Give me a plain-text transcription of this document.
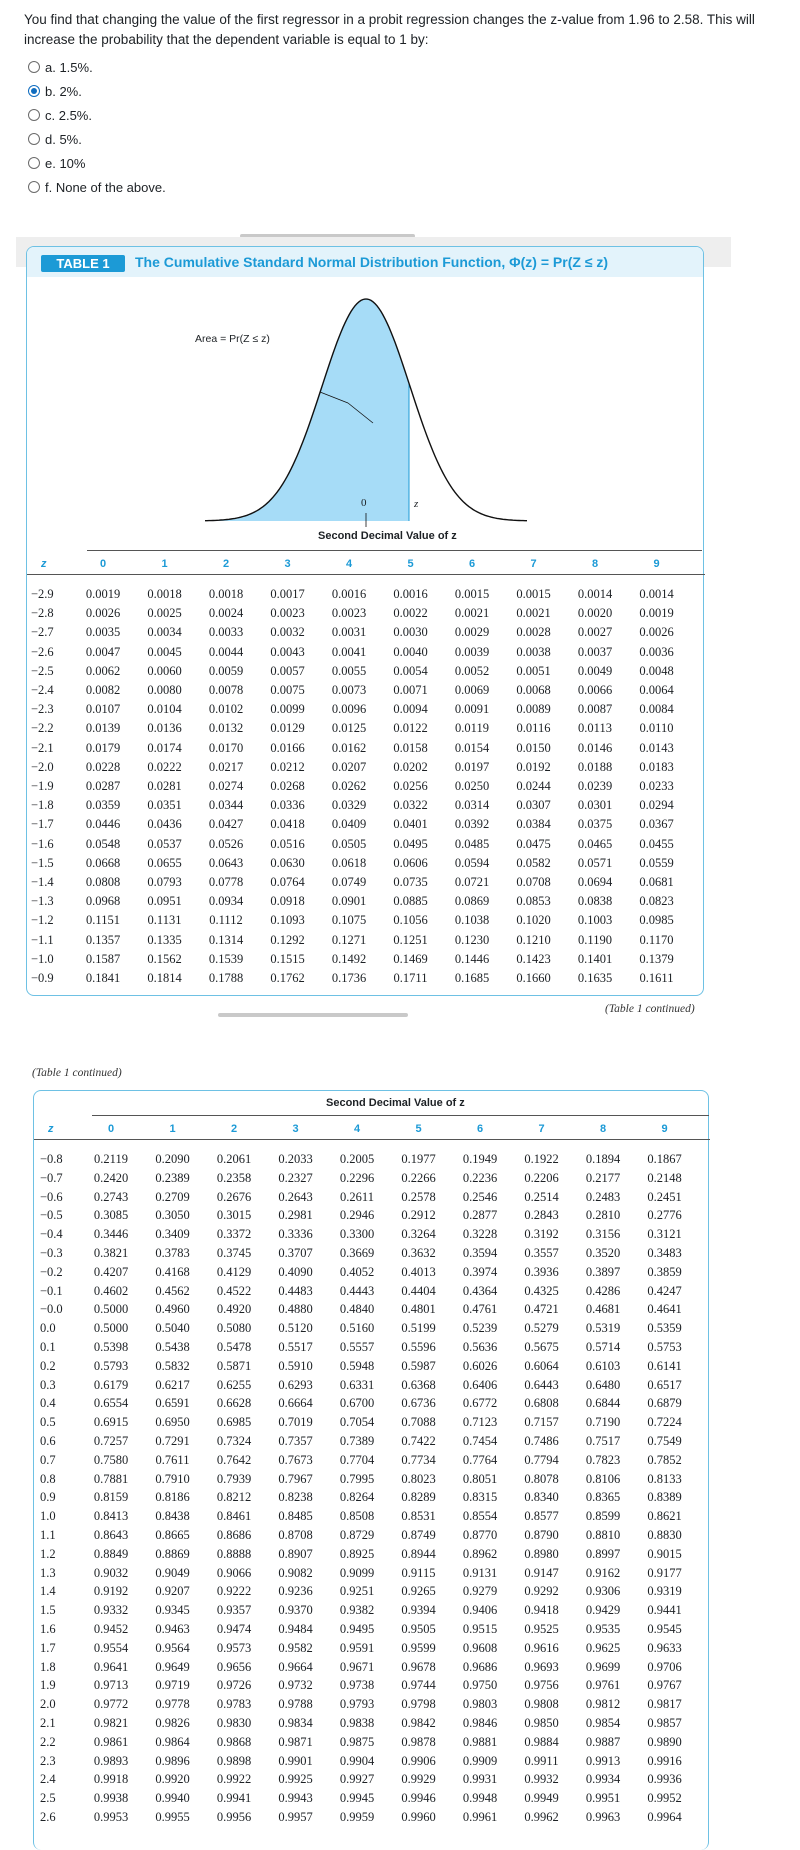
You find that changing the value of the first regressor in a probit regression changes the z-value from 1.96 to 2.58. This will increase the probability that the dependent variable is equal to 1 by:
a. 1.5%.
b. 2%.
c. 2.5%.
d. 5%.
e. 10%
f. None of the above.
TABLE 1	The Cumulative Standard Normal Distribution Function, Φ(z) = Pr(Z ≤ z)
Area = Pr(Z ≤ z)
0	z
Second Decimal Value of z
z	0	1	2	3	4	5	6	7	8	9
−2.9	0.0019	0.0018	0.0018	0.0017	0.0016	0.0016	0.0015	0.0015	0.0014	0.0014
−2.8	0.0026	0.0025	0.0024	0.0023	0.0023	0.0022	0.0021	0.0021	0.0020	0.0019
−2.7	0.0035	0.0034	0.0033	0.0032	0.0031	0.0030	0.0029	0.0028	0.0027	0.0026
−2.6	0.0047	0.0045	0.0044	0.0043	0.0041	0.0040	0.0039	0.0038	0.0037	0.0036
−2.5	0.0062	0.0060	0.0059	0.0057	0.0055	0.0054	0.0052	0.0051	0.0049	0.0048
−2.4	0.0082	0.0080	0.0078	0.0075	0.0073	0.0071	0.0069	0.0068	0.0066	0.0064
−2.3	0.0107	0.0104	0.0102	0.0099	0.0096	0.0094	0.0091	0.0089	0.0087	0.0084
−2.2	0.0139	0.0136	0.0132	0.0129	0.0125	0.0122	0.0119	0.0116	0.0113	0.0110
−2.1	0.0179	0.0174	0.0170	0.0166	0.0162	0.0158	0.0154	0.0150	0.0146	0.0143
−2.0	0.0228	0.0222	0.0217	0.0212	0.0207	0.0202	0.0197	0.0192	0.0188	0.0183
−1.9	0.0287	0.0281	0.0274	0.0268	0.0262	0.0256	0.0250	0.0244	0.0239	0.0233
−1.8	0.0359	0.0351	0.0344	0.0336	0.0329	0.0322	0.0314	0.0307	0.0301	0.0294
−1.7	0.0446	0.0436	0.0427	0.0418	0.0409	0.0401	0.0392	0.0384	0.0375	0.0367
−1.6	0.0548	0.0537	0.0526	0.0516	0.0505	0.0495	0.0485	0.0475	0.0465	0.0455
−1.5	0.0668	0.0655	0.0643	0.0630	0.0618	0.0606	0.0594	0.0582	0.0571	0.0559
−1.4	0.0808	0.0793	0.0778	0.0764	0.0749	0.0735	0.0721	0.0708	0.0694	0.0681
−1.3	0.0968	0.0951	0.0934	0.0918	0.0901	0.0885	0.0869	0.0853	0.0838	0.0823
−1.2	0.1151	0.1131	0.1112	0.1093	0.1075	0.1056	0.1038	0.1020	0.1003	0.0985
−1.1	0.1357	0.1335	0.1314	0.1292	0.1271	0.1251	0.1230	0.1210	0.1190	0.1170
−1.0	0.1587	0.1562	0.1539	0.1515	0.1492	0.1469	0.1446	0.1423	0.1401	0.1379
−0.9	0.1841	0.1814	0.1788	0.1762	0.1736	0.1711	0.1685	0.1660	0.1635	0.1611
(Table 1 continued)
(Table 1 continued)
Second Decimal Value of z
z	0	1	2	3	4	5	6	7	8	9
−0.8	0.2119	0.2090	0.2061	0.2033	0.2005	0.1977	0.1949	0.1922	0.1894	0.1867
−0.7	0.2420	0.2389	0.2358	0.2327	0.2296	0.2266	0.2236	0.2206	0.2177	0.2148
−0.6	0.2743	0.2709	0.2676	0.2643	0.2611	0.2578	0.2546	0.2514	0.2483	0.2451
−0.5	0.3085	0.3050	0.3015	0.2981	0.2946	0.2912	0.2877	0.2843	0.2810	0.2776
−0.4	0.3446	0.3409	0.3372	0.3336	0.3300	0.3264	0.3228	0.3192	0.3156	0.3121
−0.3	0.3821	0.3783	0.3745	0.3707	0.3669	0.3632	0.3594	0.3557	0.3520	0.3483
−0.2	0.4207	0.4168	0.4129	0.4090	0.4052	0.4013	0.3974	0.3936	0.3897	0.3859
−0.1	0.4602	0.4562	0.4522	0.4483	0.4443	0.4404	0.4364	0.4325	0.4286	0.4247
−0.0	0.5000	0.4960	0.4920	0.4880	0.4840	0.4801	0.4761	0.4721	0.4681	0.4641
0.0	0.5000	0.5040	0.5080	0.5120	0.5160	0.5199	0.5239	0.5279	0.5319	0.5359
0.1	0.5398	0.5438	0.5478	0.5517	0.5557	0.5596	0.5636	0.5675	0.5714	0.5753
0.2	0.5793	0.5832	0.5871	0.5910	0.5948	0.5987	0.6026	0.6064	0.6103	0.6141
0.3	0.6179	0.6217	0.6255	0.6293	0.6331	0.6368	0.6406	0.6443	0.6480	0.6517
0.4	0.6554	0.6591	0.6628	0.6664	0.6700	0.6736	0.6772	0.6808	0.6844	0.6879
0.5	0.6915	0.6950	0.6985	0.7019	0.7054	0.7088	0.7123	0.7157	0.7190	0.7224
0.6	0.7257	0.7291	0.7324	0.7357	0.7389	0.7422	0.7454	0.7486	0.7517	0.7549
0.7	0.7580	0.7611	0.7642	0.7673	0.7704	0.7734	0.7764	0.7794	0.7823	0.7852
0.8	0.7881	0.7910	0.7939	0.7967	0.7995	0.8023	0.8051	0.8078	0.8106	0.8133
0.9	0.8159	0.8186	0.8212	0.8238	0.8264	0.8289	0.8315	0.8340	0.8365	0.8389
1.0	0.8413	0.8438	0.8461	0.8485	0.8508	0.8531	0.8554	0.8577	0.8599	0.8621
1.1	0.8643	0.8665	0.8686	0.8708	0.8729	0.8749	0.8770	0.8790	0.8810	0.8830
1.2	0.8849	0.8869	0.8888	0.8907	0.8925	0.8944	0.8962	0.8980	0.8997	0.9015
1.3	0.9032	0.9049	0.9066	0.9082	0.9099	0.9115	0.9131	0.9147	0.9162	0.9177
1.4	0.9192	0.9207	0.9222	0.9236	0.9251	0.9265	0.9279	0.9292	0.9306	0.9319
1.5	0.9332	0.9345	0.9357	0.9370	0.9382	0.9394	0.9406	0.9418	0.9429	0.9441
1.6	0.9452	0.9463	0.9474	0.9484	0.9495	0.9505	0.9515	0.9525	0.9535	0.9545
1.7	0.9554	0.9564	0.9573	0.9582	0.9591	0.9599	0.9608	0.9616	0.9625	0.9633
1.8	0.9641	0.9649	0.9656	0.9664	0.9671	0.9678	0.9686	0.9693	0.9699	0.9706
1.9	0.9713	0.9719	0.9726	0.9732	0.9738	0.9744	0.9750	0.9756	0.9761	0.9767
2.0	0.9772	0.9778	0.9783	0.9788	0.9793	0.9798	0.9803	0.9808	0.9812	0.9817
2.1	0.9821	0.9826	0.9830	0.9834	0.9838	0.9842	0.9846	0.9850	0.9854	0.9857
2.2	0.9861	0.9864	0.9868	0.9871	0.9875	0.9878	0.9881	0.9884	0.9887	0.9890
2.3	0.9893	0.9896	0.9898	0.9901	0.9904	0.9906	0.9909	0.9911	0.9913	0.9916
2.4	0.9918	0.9920	0.9922	0.9925	0.9927	0.9929	0.9931	0.9932	0.9934	0.9936
2.5	0.9938	0.9940	0.9941	0.9943	0.9945	0.9946	0.9948	0.9949	0.9951	0.9952
2.6	0.9953	0.9955	0.9956	0.9957	0.9959	0.9960	0.9961	0.9962	0.9963	0.9964
